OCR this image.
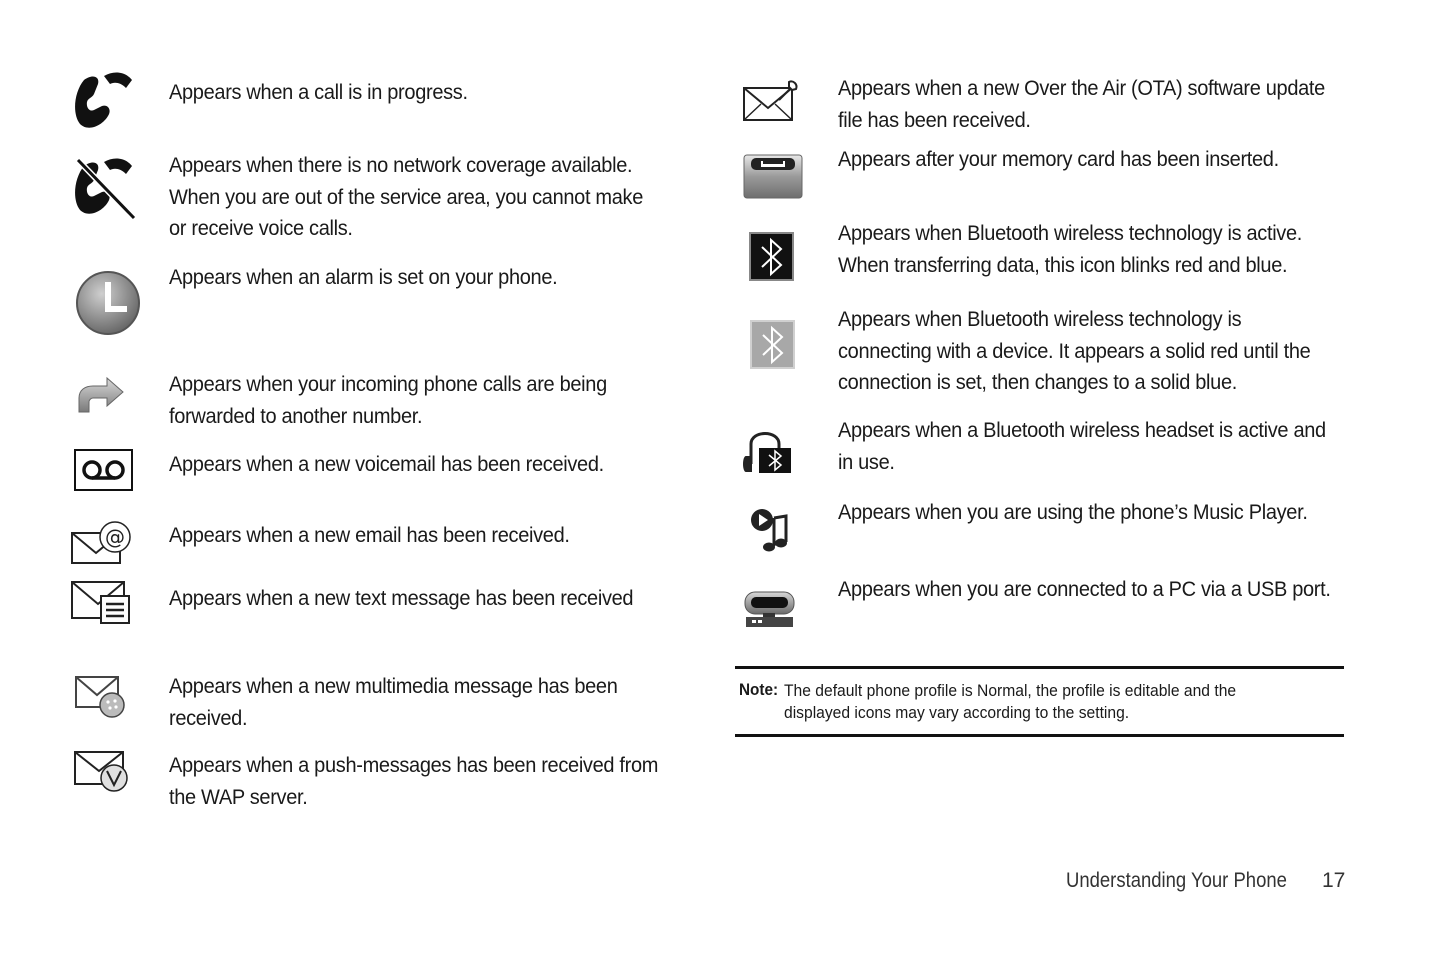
Appears when a call is in progress.
Appears when there is no network coverage available.
When you are out of the service area, you cannot make
or receive voice calls.
Appears when an alarm is set on your phone.
Appears when your incoming phone calls are being
forwarded to another number.
Appears when a new voicemail has been received.
@ Appears when a new email has been received.
Appears when a new text message has been received
Appears when a new multimedia message has been
received.
Appears when a push-messages has been received from
the WAP server.
Appears when a new Over the Air (OTA) software update
file has been received.
Appears after your memory card has been inserted.
Appears when Bluetooth wireless technology is active.
When transferring data, this icon blinks red and blue.
Appears when Bluetooth wireless technology is
connecting with a device. It appears a solid red until the
connection is set, then changes to a solid blue.
Appears when a Bluetooth wireless headset is active and
in use.
Appears when you are using the phone’s Music Player.
Appears when you are connected to a PC via a USB port.
Note: The default phone profile is Normal, the profile is editable and the
displayed icons may vary according to the setting.
Understanding Your Phone 17
